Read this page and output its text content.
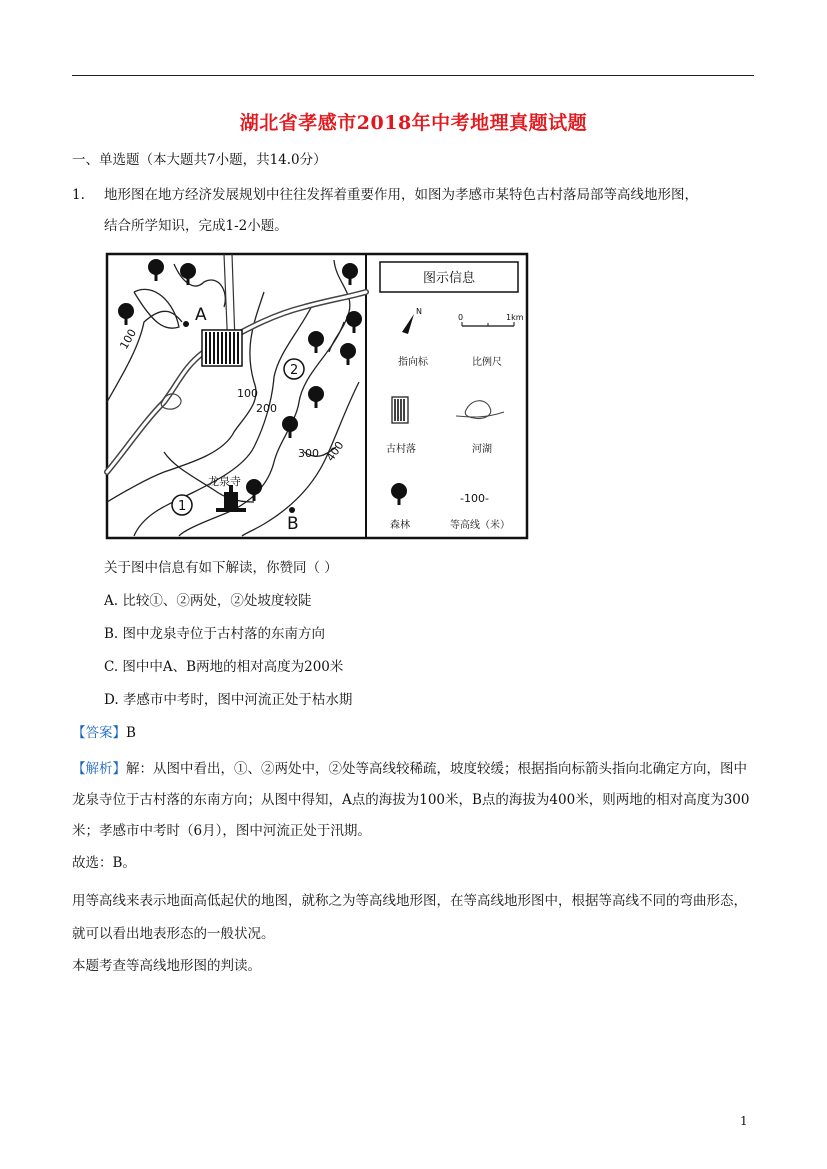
湖北省孝感市2018年中考地理真题试题
一、单选题（本大题共7小题，共14.0分）
1. 地形图在地方经济发展规划中往往发挥着重要作用，如图为孝感市某特色古村落局部等高线地形图，
结合所学知识，完成1-2小题。
龙泉寺
A
B
1
2
100
100
200
300 400
图示信息
N
指向标
0	1km
比例尺
古村落	河湖
森林
-100-
等高线（米）
关于图中信息有如下解读，你赞同（ ）
A. 比较①、②两处，②处坡度较陡
B. 图中龙泉寺位于古村落的东南方向
C. 图中中A、B两地的相对高度为200米
D. 孝感市中考时，图中河流正处于枯水期
【答案】B
【解析】解：从图中看出，①、②两处中，②处等高线较稀疏，坡度较缓；根据指向标箭头指向北确定方向，图中龙泉寺位于古村落的东南方向；从图中得知，A点的海拔为100米，B点的海拔为400米，则两地的相对高度为300米；孝感市中考时（6月），图中河流正处于汛期。
故选：B。
用等高线来表示地面高低起伏的地图，就称之为等高线地形图，在等高线地形图中，根据等高线不同的弯曲形态，就可以看出地表形态的一般状况。
本题考查等高线地形图的判读。
1
